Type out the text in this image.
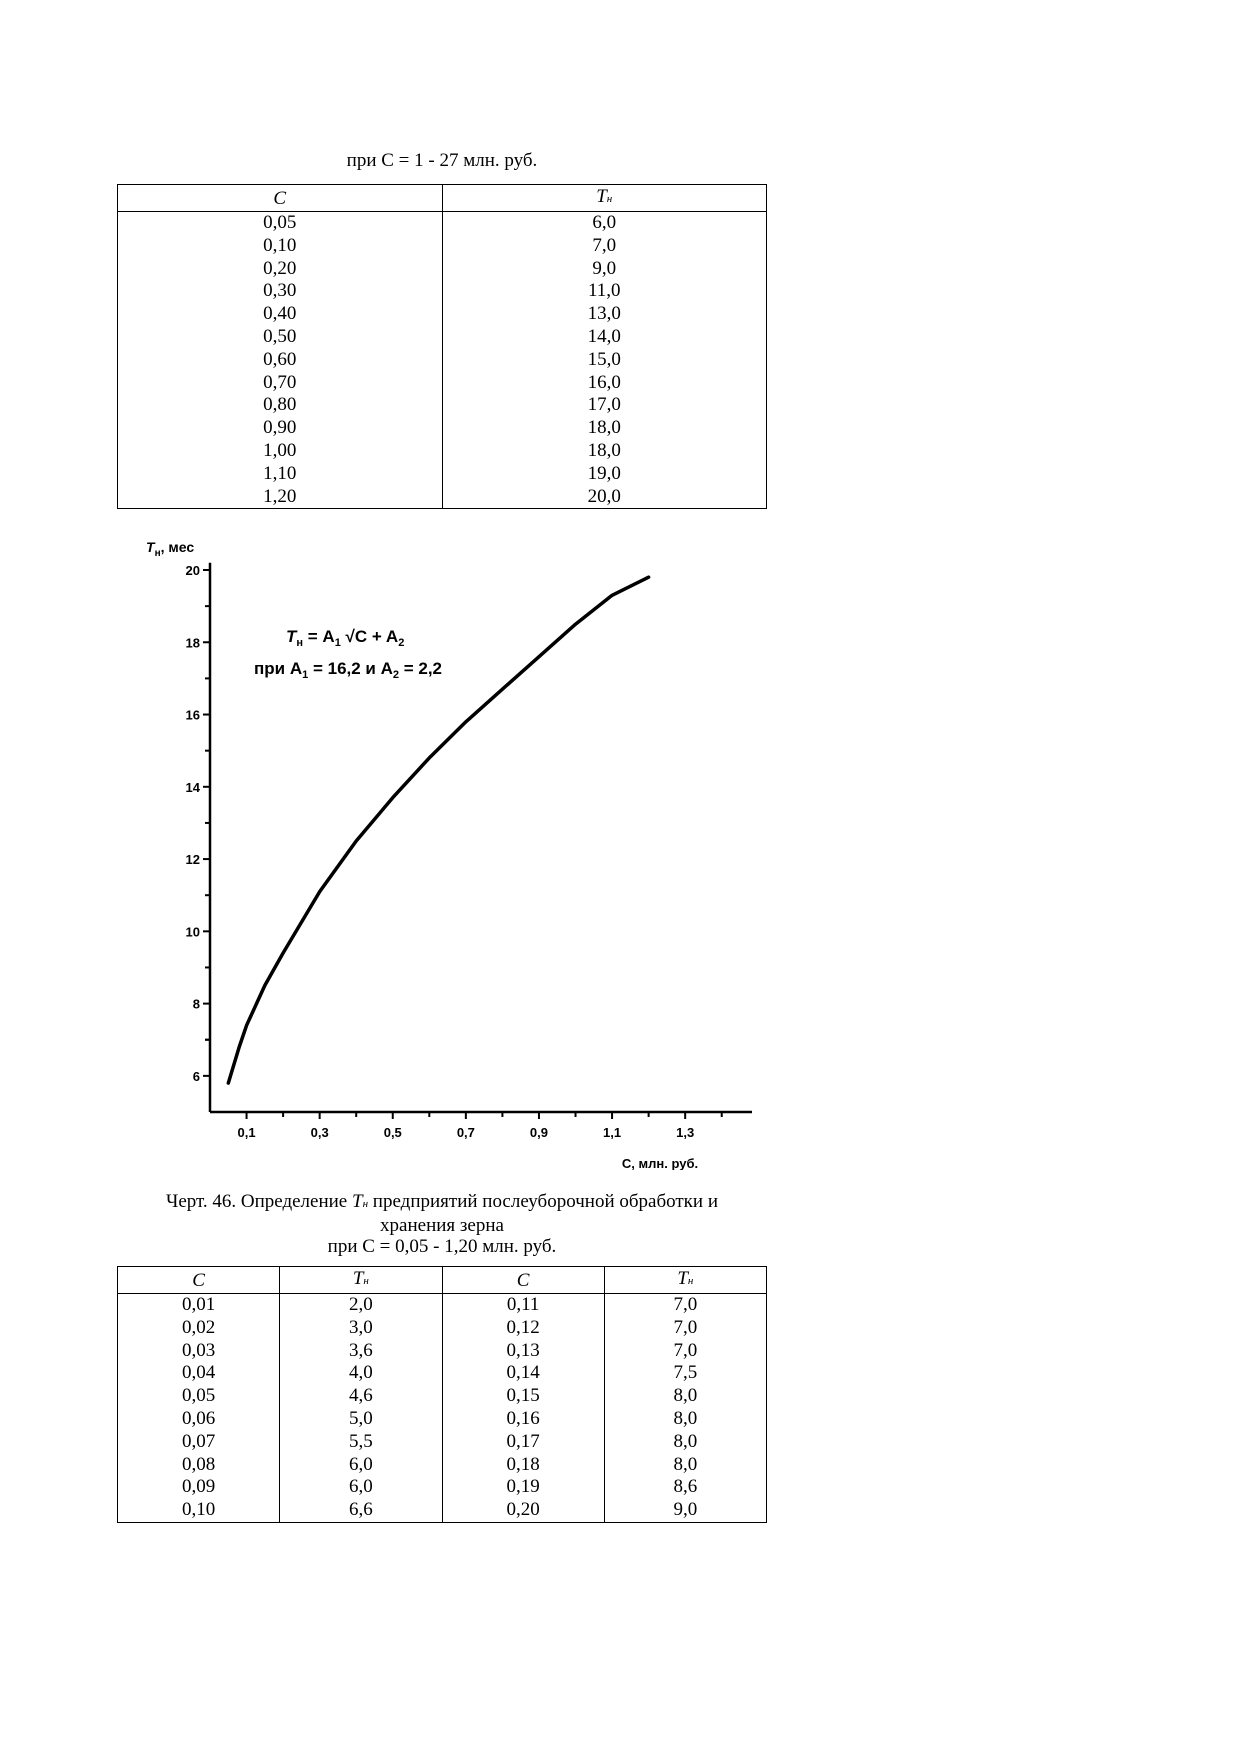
при C = 1 - 27 млн. руб.
C	Tн
0,05	6,0
0,10	7,0
0,20	9,0
0,30	11,0
0,40	13,0
0,50	14,0
0,60	15,0
0,70	16,0
0,80	17,0
0,90	18,0
1,00	18,0
1,10	19,0
1,20	20,0
6
8
10
12
14
16
18
20
0,1	0,3	0,5	0,7	0,9	1,1	1,3
$T_н$, мес
C, млн. руб.
$T_н = A_1$ $√C + A_2$
при $A_1 = 16,2$ и $A_2 = 2,2$
Черт. 46. Определение Tн предприятий послеуборочной обработки и
хранения зерна
при C = 0,05 - 1,20 млн. руб.
C	Tн	C	Tн
0,01	2,0	0,11	7,0
0,02	3,0	0,12	7,0
0,03	3,6	0,13	7,0
0,04	4,0	0,14	7,5
0,05	4,6	0,15	8,0
0,06	5,0	0,16	8,0
0,07	5,5	0,17	8,0
0,08	6,0	0,18	8,0
0,09	6,0	0,19	8,6
0,10	6,6	0,20	9,0
